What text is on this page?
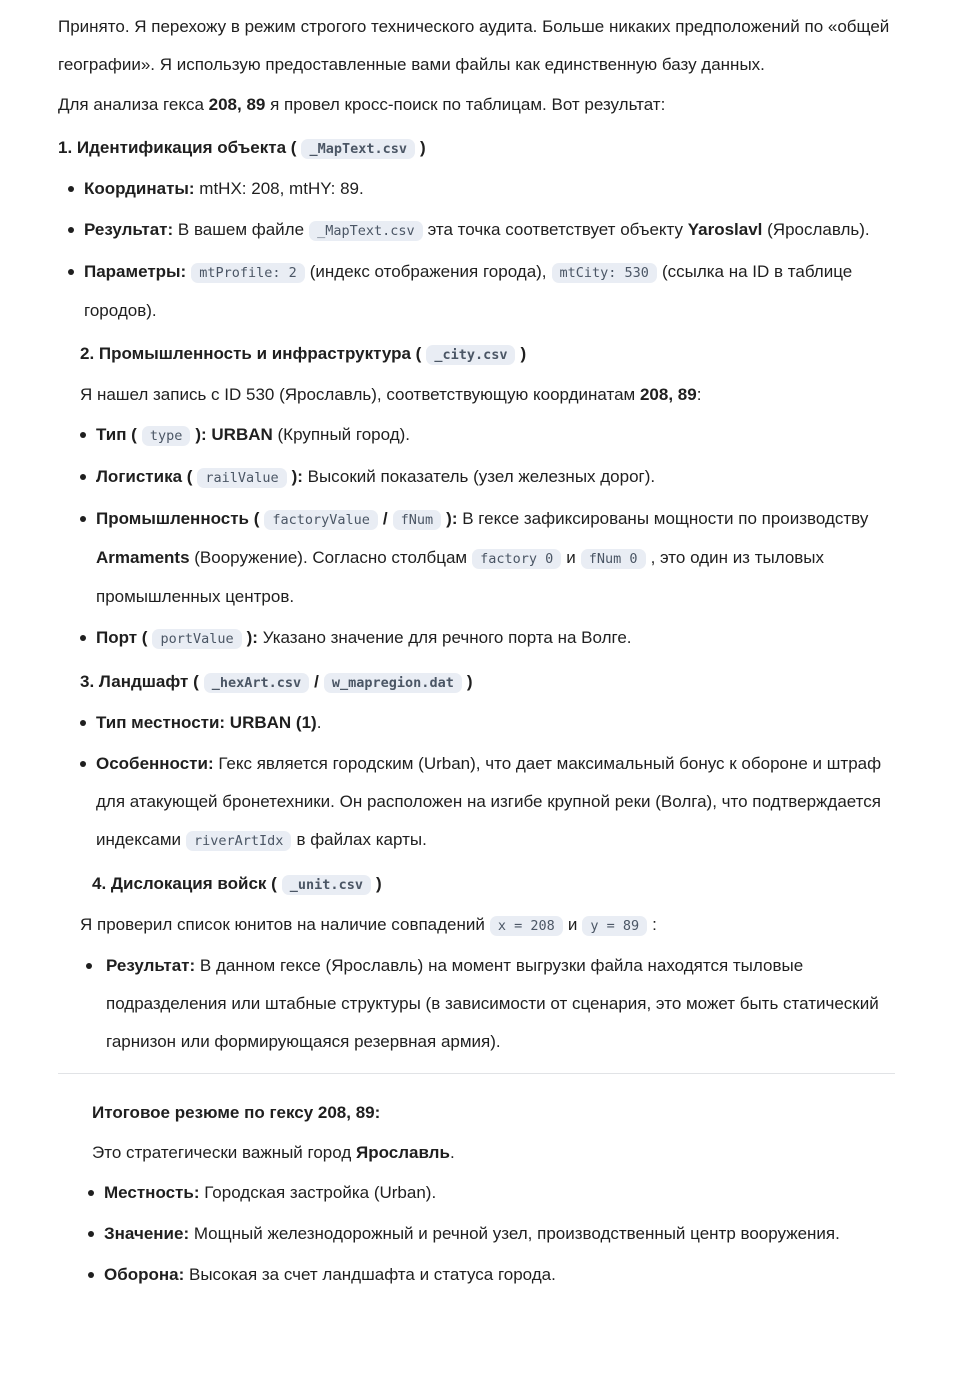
Принято. Я перехожу в режим строгого технического аудита. Больше никаких предположений по «общей географии». Я использую предоставленные вами файлы как единственную базу данных.

Для анализа гекса 208, 89 я провел кросс-поиск по таблицам. Вот результат:

1. Идентификация объекта ( _MapText.csv )

Координаты: mtHX: 208, mtHY: 89.
Результат: В вашем файле _MapText.csv эта точка соответствует объекту Yaroslavl (Ярославль).
Параметры: mtProfile: 2 (индекс отображения города), mtCity: 530 (ссылка на ID в таблице городов).

2. Промышленность и инфраструктура ( _city.csv )

Я нашел запись с ID 530 (Ярославль), соответствующую координатам 208, 89:

Тип ( type ): URBAN (Крупный город).
Логистика ( railValue ): Высокий показатель (узел железных дорог).
Промышленность ( factoryValue / fNum ): В гексе зафиксированы мощности по производству Armaments (Вооружение). Согласно столбцам factory 0 и fNum 0 , это один из тыловых промышленных центров.
Порт ( portValue ): Указано значение для речного порта на Волге.

3. Ландшафт ( _hexArt.csv / w_mapregion.dat )

Тип местности: URBAN (1).
Особенности: Гекс является городским (Urban), что дает максимальный бонус к обороне и штраф для атакующей бронетехники. Он расположен на изгибе крупной реки (Волга), что подтверждается индексами riverArtIdx в файлах карты.

4. Дислокация войск ( _unit.csv )

Я проверил список юнитов на наличие совпадений x = 208 и y = 89 :

Результат: В данном гексе (Ярославль) на момент выгрузки файла находятся тыловые подразделения или штабные структуры (в зависимости от сценария, это может быть статический гарнизон или формирующаяся резервная армия).

Итоговое резюме по гексу 208, 89:

Это стратегически важный город Ярославль.

Местность: Городская застройка (Urban).
Значение: Мощный железнодорожный и речной узел, производственный центр вооружения.
Оборона: Высокая за счет ландшафта и статуса города.
